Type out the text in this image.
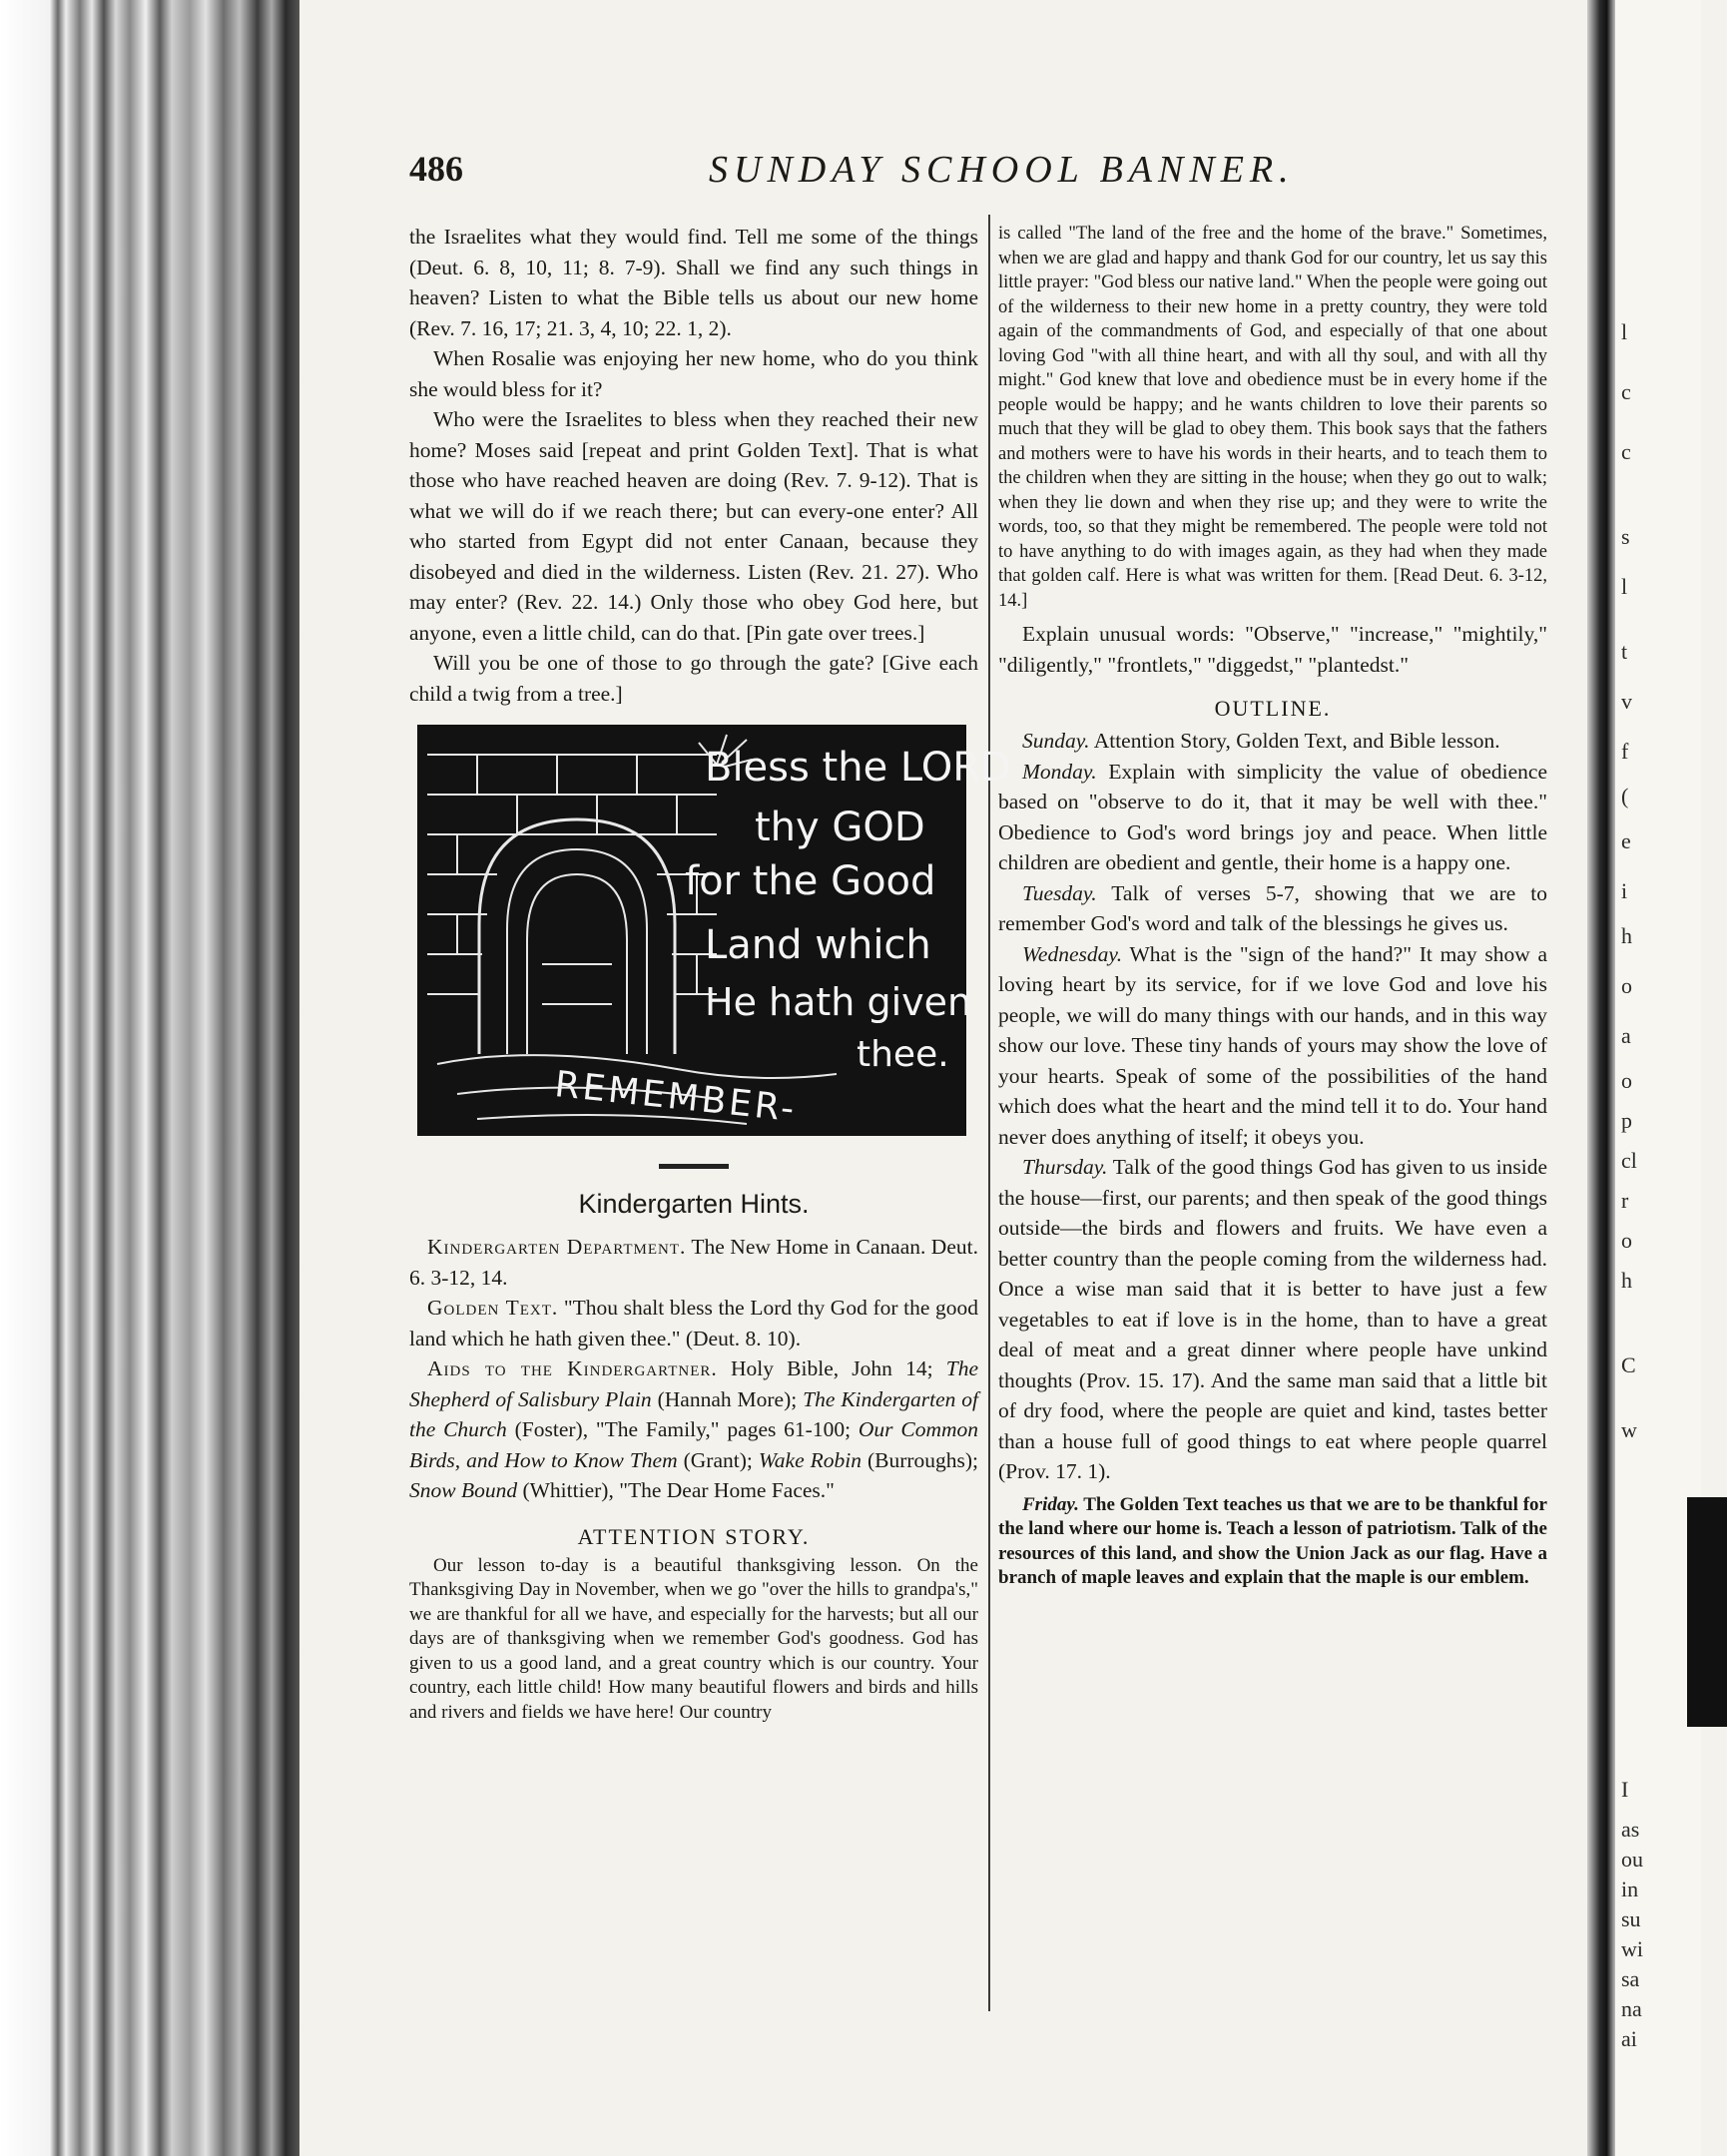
486	SUNDAY SCHOOL BANNER.

the Israelites what they would find. Tell me some of the things (Deut. 6. 8, 10, 11; 8. 7-9). Shall we find any such things in heaven? Listen to what the Bible tells us about our new home (Rev. 7. 16, 17; 21. 3, 4, 10; 22. 1, 2).

When Rosalie was enjoying her new home, who do you think she would bless for it?

Who were the Israelites to bless when they reached their new home? Moses said [repeat and print Golden Text]. That is what those who have reached heaven are doing (Rev. 7. 9-12). That is what we will do if we reach there; but can every-one enter? All who started from Egypt did not enter Canaan, because they disobeyed and died in the wilderness. Listen (Rev. 21. 27). Who may enter? (Rev. 22. 14.) Only those who obey God here, but anyone, even a little child, can do that. [Pin gate over trees.]

Will you be one of those to go through the gate? [Give each child a twig from a tree.]

Bless the LORD
thy GOD
for the Good
Land which
He hath given
thee.
REMEMBER-
Kindergarten Hints.

Kindergarten Department. The New Home in Canaan. Deut. 6. 3-12, 14.

Golden Text. "Thou shalt bless the Lord thy God for the good land which he hath given thee." (Deut. 8. 10).

Aids to the Kindergartner. Holy Bible, John 14; The Shepherd of Salisbury Plain (Hannah More); The Kindergarten of the Church (Foster), "The Family," pages 61-100; Our Common Birds, and How to Know Them (Grant); Wake Robin (Burroughs); Snow Bound (Whittier), "The Dear Home Faces."

ATTENTION STORY.

Our lesson to-day is a beautiful thanksgiving lesson. On the Thanksgiving Day in November, when we go "over the hills to grandpa's," we are thankful for all we have, and especially for the harvests; but all our days are of thanksgiving when we remember God's goodness. God has given to us a good land, and a great country which is our country. Your country, each little child! How many beautiful flowers and birds and hills and rivers and fields we have here! Our country

is called "The land of the free and the home of the brave." Sometimes, when we are glad and happy and thank God for our country, let us say this little prayer: "God bless our native land." When the people were going out of the wilderness to their new home in a pretty country, they were told again of the commandments of God, and especially of that one about loving God "with all thine heart, and with all thy soul, and with all thy might." God knew that love and obedience must be in every home if the people would be happy; and he wants children to love their parents so much that they will be glad to obey them. This book says that the fathers and mothers were to have his words in their hearts, and to teach them to the children when they are sitting in the house; when they go out to walk; when they lie down and when they rise up; and they were to write the words, too, so that they might be remembered. The people were told not to have anything to do with images again, as they had when they made that golden calf. Here is what was written for them. [Read Deut. 6. 3-12, 14.]

Explain unusual words: "Observe," "increase," "mightily," "diligently," "frontlets," "diggedst," "plantedst."

OUTLINE.

Sunday. Attention Story, Golden Text, and Bible lesson.

Monday. Explain with simplicity the value of obedience based on "observe to do it, that it may be well with thee." Obedience to God's word brings joy and peace. When little children are obedient and gentle, their home is a happy one.

Tuesday. Talk of verses 5-7, showing that we are to remember God's word and talk of the blessings he gives us.

Wednesday. What is the "sign of the hand?" It may show a loving heart by its service, for if we love God and love his people, we will do many things with our hands, and in this way show our love. These tiny hands of yours may show the love of your hearts. Speak of some of the possibilities of the hand which does what the heart and the mind tell it to do. Your hand never does anything of itself; it obeys you.

Thursday. Talk of the good things God has given to us inside the house—first, our parents; and then speak of the good things outside—the birds and flowers and fruits. We have even a better country than the people coming from the wilderness had. Once a wise man said that it is better to have just a few vegetables to eat if love is in the home, than to have a great deal of meat and a great dinner where people have unkind thoughts (Prov. 15. 17). And the same man said that a little bit of dry food, where the people are quiet and kind, tastes better than a house full of good things to eat where people quarrel (Prov. 17. 1).

Friday. The Golden Text teaches us that we are to be thankful for the land where our home is. Teach a lesson of patriotism. Talk of the resources of this land, and show the Union Jack as our flag. Have a branch of maple leaves and explain that the maple is our emblem.

l
c
c
s
l
t
v
f
(
e
i
h
o
a
o
p
cl
r
o
h
C
w
I
as
ou
in
su
wi
sa
na
ai
